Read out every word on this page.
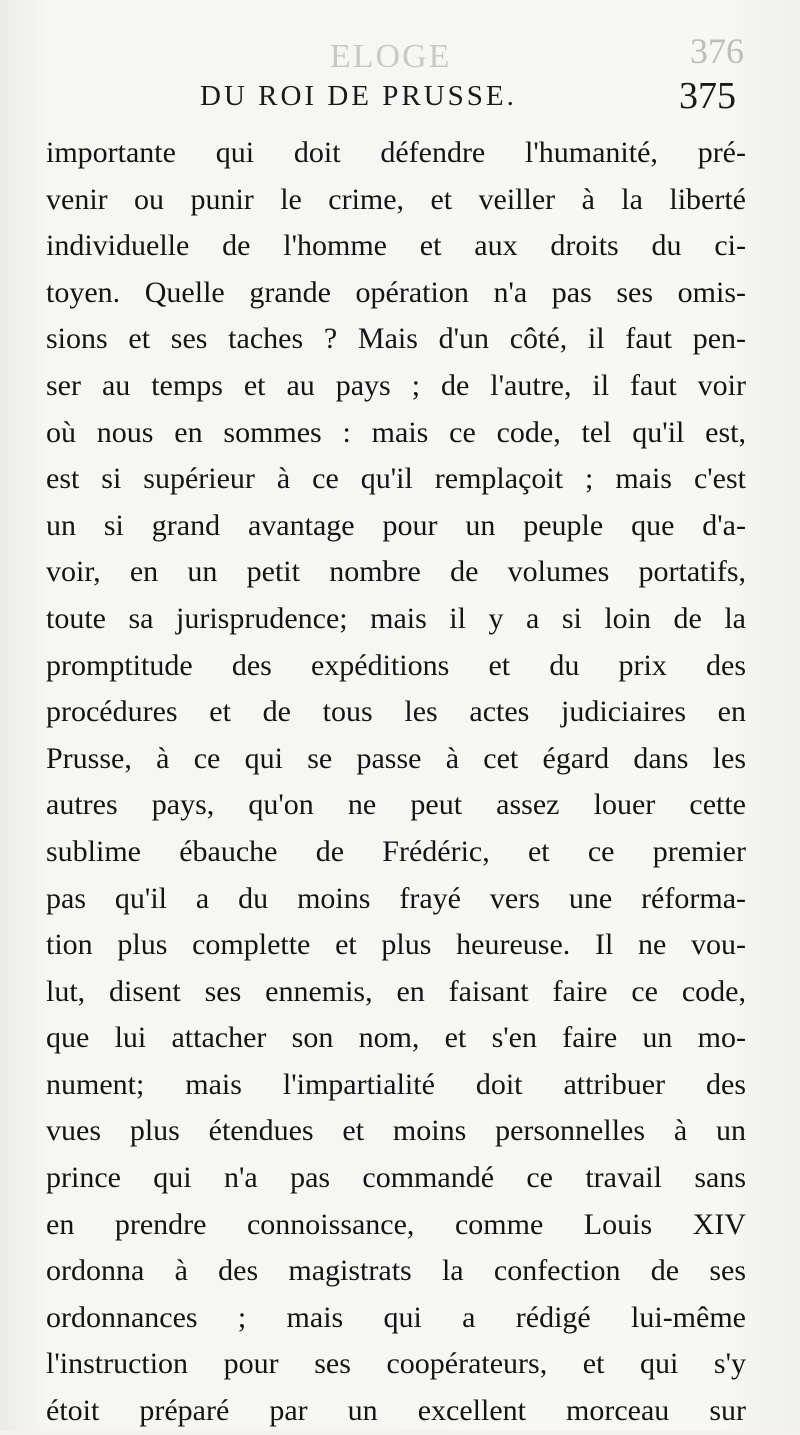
ELOGE	376
DU ROI DE PRUSSE.	375
importante qui doit défendre l'humanité, pré-
venir ou punir le crime, et veiller à la liberté
individuelle de l'homme et aux droits du ci-
toyen. Quelle grande opération n'a pas ses omis-
sions et ses taches ? Mais d'un côté, il faut pen-
ser au temps et au pays ; de l'autre, il faut voir
où nous en sommes : mais ce code, tel qu'il est,
est si supérieur à ce qu'il remplaçoit ; mais c'est
un si grand avantage pour un peuple que d'a-
voir, en un petit nombre de volumes portatifs,
toute sa jurisprudence; mais il y a si loin de la
promptitude des expéditions et du prix des
procédures et de tous les actes judiciaires en
Prusse, à ce qui se passe à cet égard dans les
autres pays, qu'on ne peut assez louer cette
sublime ébauche de Frédéric, et ce premier
pas qu'il a du moins frayé vers une réforma-
tion plus complette et plus heureuse. Il ne vou-
lut, disent ses ennemis, en faisant faire ce code,
que lui attacher son nom, et s'en faire un mo-
nument; mais l'impartialité doit attribuer des
vues plus étendues et moins personnelles à un
prince qui n'a pas commandé ce travail sans
en prendre connoissance, comme Louis XIV
ordonna à des magistrats la confection de ses
ordonnances ; mais qui a rédigé lui-même
l'instruction pour ses coopérateurs, et qui s'y
étoit préparé par un excellent morceau sur
